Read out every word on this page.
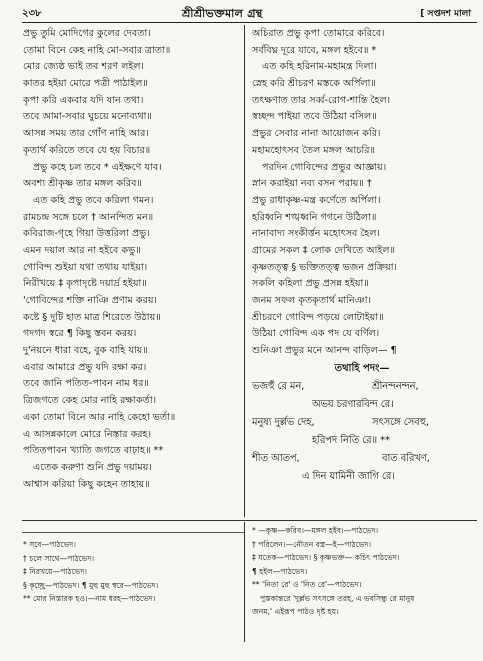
২৩৮	শ্রীশ্রীভক্তমাল গ্রন্থ	[ সপ্তদশ মালা
প্রভু তুমি মোদিগের কুলের দেবতা।
তোমা বিনে কেহ নাহি মো-সবার ত্রাতা॥
মোর জ্যেষ্ঠ ভাই তব শরণ লইল।
কাতর হইয়া মোরে পত্রী পাঠাইল॥
কৃপা করি একবার যদি যান তথা।
তবে আমা-সবার ঘুচয়ে মনোব্যথা॥
আসন্ন সময় তার গোঁণ নাহি আর।
কৃতার্থ করিতে তবে যে হয় বিচার॥
প্রভু কহে চল তবে * এইক্ষণে যাব।
অবশ্য শ্রীকৃষ্ণ তার মঙ্গল করিব॥
এত কহি প্রভু তবে করিলা গমন।
রামচন্দ্র সঙ্গে চলে † আনন্দিত মন॥
কবিরাজ-গৃহে গিয়া উত্তরিলা প্রভু।
এমন দয়াল আর না হইবে কভু॥
গোবিন্দ শুইয়া যথা তথায় যাইয়া।
নিরীখয়ে ‡ কৃপাদৃষ্টে দয়ার্দ্র হইয়া॥
'গোবিন্দের শক্তি নাঞি প্রণাম করয়।
কষ্টে § দুটি হাত মাত্র শিরেতে উঠায়॥
গদগদ স্বরে ¶ কিছু স্তবন করয়।
দু'নয়নে ধারা বহে, বুক বাহি যায়॥
এবার আমারে প্রভু যদি রক্ষা কর।
তবে জানি পতিত-পাবন নাম ধর॥
ত্রিজগতে কেহ মোর নাহি রক্ষাকর্তা।
একা তোমা বিনে আর নাহি কেহো ভর্তা॥
এ আসন্নকালে মোরে নিস্তার করহ।
পতিতপাবন খ্যাতি জগতে বাঢ়াহ॥ **
এতেক করুণা শুনি প্রভু দয়াময়।
আশ্বাস করিয়া কিছু কহেন তাহায়॥
অচিরাত প্রভু কৃপা তোমারে করিবে।
সর্ববিঘ্ন দূরে যাবে, মঙ্গল হইবে॥ *
এত কহি হরিনাম-মহামন্ত্র দিলা।
স্নেহ করি শ্রীচরণ মস্তকে অর্পিলা॥
তৎক্ষণাত তার সর্ব্ব-রোগ-শান্তি হৈল।
স্বচ্ছন্দ পাইয়া তবে উঠিয়া বসিল॥
প্রভুর সেবার নানা আয়োজন করি।
মহামহোৎসব তৈল মঙ্গল আচরি॥
পরদিন গোবিন্দের প্রভুর আজ্ঞায়।
স্নান করাইয়া নব্য বসন পরায়॥ †
প্রভু রাধাকৃষ্ণ-মন্ত্র কর্ণেতে অর্পিলা।
হরিধ্বনি শঙ্খধ্বনি গগনে উঠিলা॥
নানাবাদ্য সংকীর্ত্তন মহোৎসব হৈল।
গ্রামের সকল ‡ লোক দেখিতে আইল॥
কৃষ্ণতত্ত্ব § ভক্তিতত্ত্ব ভজন প্রক্রিয়া।
সকলি কহিলা প্রভু প্রসন্ন হইয়া॥
জনম সফল কৃতকৃতার্থ মানিঞা।
শ্রীচরণে গোবিন্দ পড়য়ে লোটাইয়া॥
উঠিয়া গোবিন্দ এক পদ যে বর্ণিল।
শুনিঞা প্রভুর মনে আনন্দ বাড়িল— ¶
তথাহি পদং—
ভজহুঁ রে মন,	শ্রীনন্দনন্দন,
অভয় চরণারবিন্দ রে।
মনুষ্য দুর্ল্লভ দেহ,	সৎসঙ্গে সেবহু,
হরিপদ নিতি রে॥ **
শীত আতপ,	বাত বরিখণ,
এ দিন যামিনী জাগি রে।
* সবে—পাঠভেদ।
† চলে সাথে—পাঠভেদ।
‡ নিরখয়ে—পাঠভেদ।
§ কৃচ্ছ্রে—পাঠভেদ। ¶ মুহু মুহু স্বরে—পাঠভেদ।
** মোর নিস্তারক হও।—নাম ধরহ—পাঠভেদ।
* —কৃষ্ণ—করিব।—মঙ্গল হইব।—পাঠভেদ।
† পরিলেন।—নৌতন বস্ত্র—ই—পাঠভেদ।
‡ যতেক—পাঠভেদ। § কৃষ্ণভক্ত— কচিৎ পাঠভেদ।
¶ হইল—পাঠভেদ।
** 'নিতা রে' ও 'নিত রে'—পাঠভেদ।
পুস্তকান্তরে 'দুর্ল্লভ সৎসঙ্গে তরহ, এ ভবসিন্ধু রে মানুষ
জনম,' এইরূপ পাঠও দৃষ্ট হয়।
